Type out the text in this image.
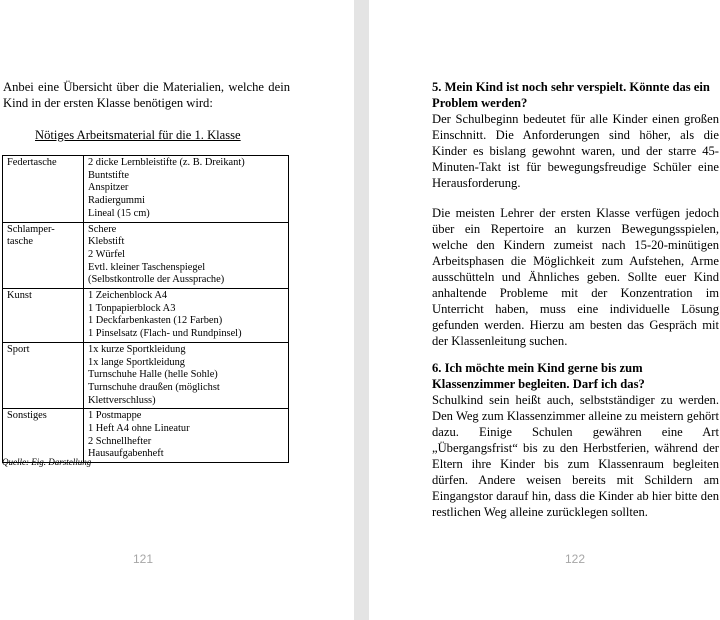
Anbei eine Übersicht über die Materialien, welche dein Kind in der ersten Klasse benötigen wird:

Nötiges Arbeitsmaterial für die 1. Klasse

Federtasche	2 dicke Lernbleistifte (z. B. Dreikant)
Buntstifte
Anspitzer
Radiergummi
Lineal (15 cm)

Schlamper-tasche	Schere
Klebstift
2 Würfel
Evtl. kleiner Taschenspiegel
(Selbstkontrolle der Aussprache)

Kunst	1 Zeichenblock A4
1 Tonpapierblock A3
1 Deckfarbenkasten (12 Farben)
1 Pinselsatz (Flach- und Rundpinsel)

Sport	1x kurze Sportkleidung
1x lange Sportkleidung
Turnschuhe Halle (helle Sohle)
Turnschuhe draußen (möglichst
Klettverschluss)

Sonstiges	1 Postmappe
1 Heft A4 ohne Lineatur
2 Schnellhefter
Hausaufgabenheft

Quelle: Eig. Darstellung

121

5. Mein Kind ist noch sehr verspielt. Könnte das ein Problem werden?

Der Schulbeginn bedeutet für alle Kinder einen großen Einschnitt. Die Anforderungen sind höher, als die Kinder es bislang gewohnt waren, und der starre 45-Minuten-Takt ist für bewegungsfreudige Schüler eine Herausforderung.

Die meisten Lehrer der ersten Klasse verfügen jedoch über ein Repertoire an kurzen Bewegungsspielen, welche den Kindern zumeist nach 15-20-minütigen Arbeitsphasen die Möglichkeit zum Aufstehen, Arme ausschütteln und Ähnliches geben. Sollte euer Kind anhaltende Probleme mit der Konzentration im Unterricht haben, muss eine individuelle Lösung gefunden werden. Hierzu am besten das Gespräch mit der Klassenleitung suchen.

6. Ich möchte mein Kind gerne bis zum Klassenzimmer begleiten. Darf ich das?

Schulkind sein heißt auch, selbstständiger zu werden. Den Weg zum Klassenzimmer alleine zu meistern gehört dazu. Einige Schulen gewähren eine Art „Übergangsfrist“ bis zu den Herbstferien, während der Eltern ihre Kinder bis zum Klassenraum begleiten dürfen. Andere weisen bereits mit Schildern am Eingangstor darauf hin, dass die Kinder ab hier bitte den restlichen Weg alleine zurücklegen sollten.

122
